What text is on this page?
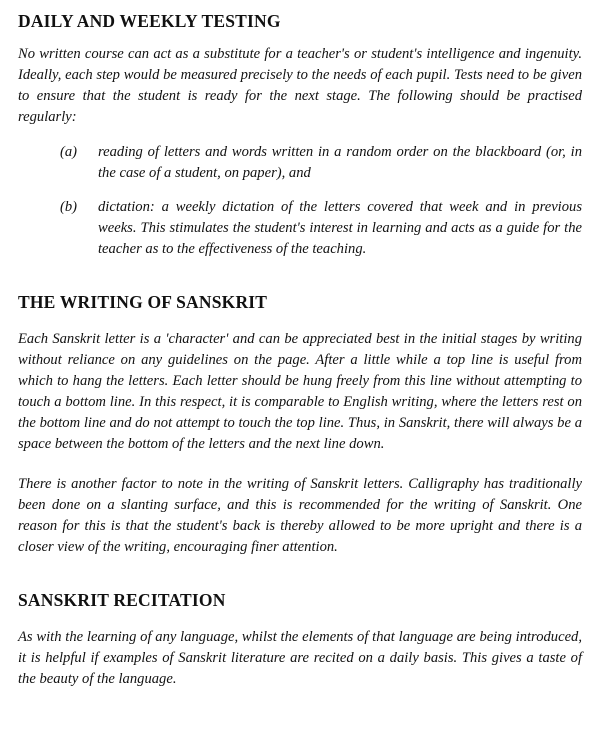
DAILY AND WEEKLY TESTING

No written course can act as a substitute for a teacher's or student's intelligence and ingenuity. Ideally, each step would be measured precisely to the needs of each pupil. Tests need to be given to ensure that the student is ready for the next stage. The following should be practised regularly:

(a)	reading of letters and words written in a random order on the blackboard (or, in the case of a student, on paper), and

(b)	dictation: a weekly dictation of the letters covered that week and in previous weeks. This stimulates the student's interest in learning and acts as a guide for the teacher as to the effectiveness of the teaching.

THE WRITING OF SANSKRIT

Each Sanskrit letter is a 'character' and can be appreciated best in the initial stages by writing without reliance on any guidelines on the page. After a little while a top line is useful from which to hang the letters. Each letter should be hung freely from this line without attempting to touch a bottom line. In this respect, it is comparable to English writing, where the letters rest on the bottom line and do not attempt to touch the top line. Thus, in Sanskrit, there will always be a space between the bottom of the letters and the next line down.

There is another factor to note in the writing of Sanskrit letters. Calligraphy has traditionally been done on a slanting surface, and this is recommended for the writing of Sanskrit. One reason for this is that the student's back is thereby allowed to be more upright and there is a closer view of the writing, encouraging finer attention.

SANSKRIT RECITATION

As with the learning of any language, whilst the elements of that language are being introduced, it is helpful if examples of Sanskrit literature are recited on a daily basis. This gives a taste of the beauty of the language.
